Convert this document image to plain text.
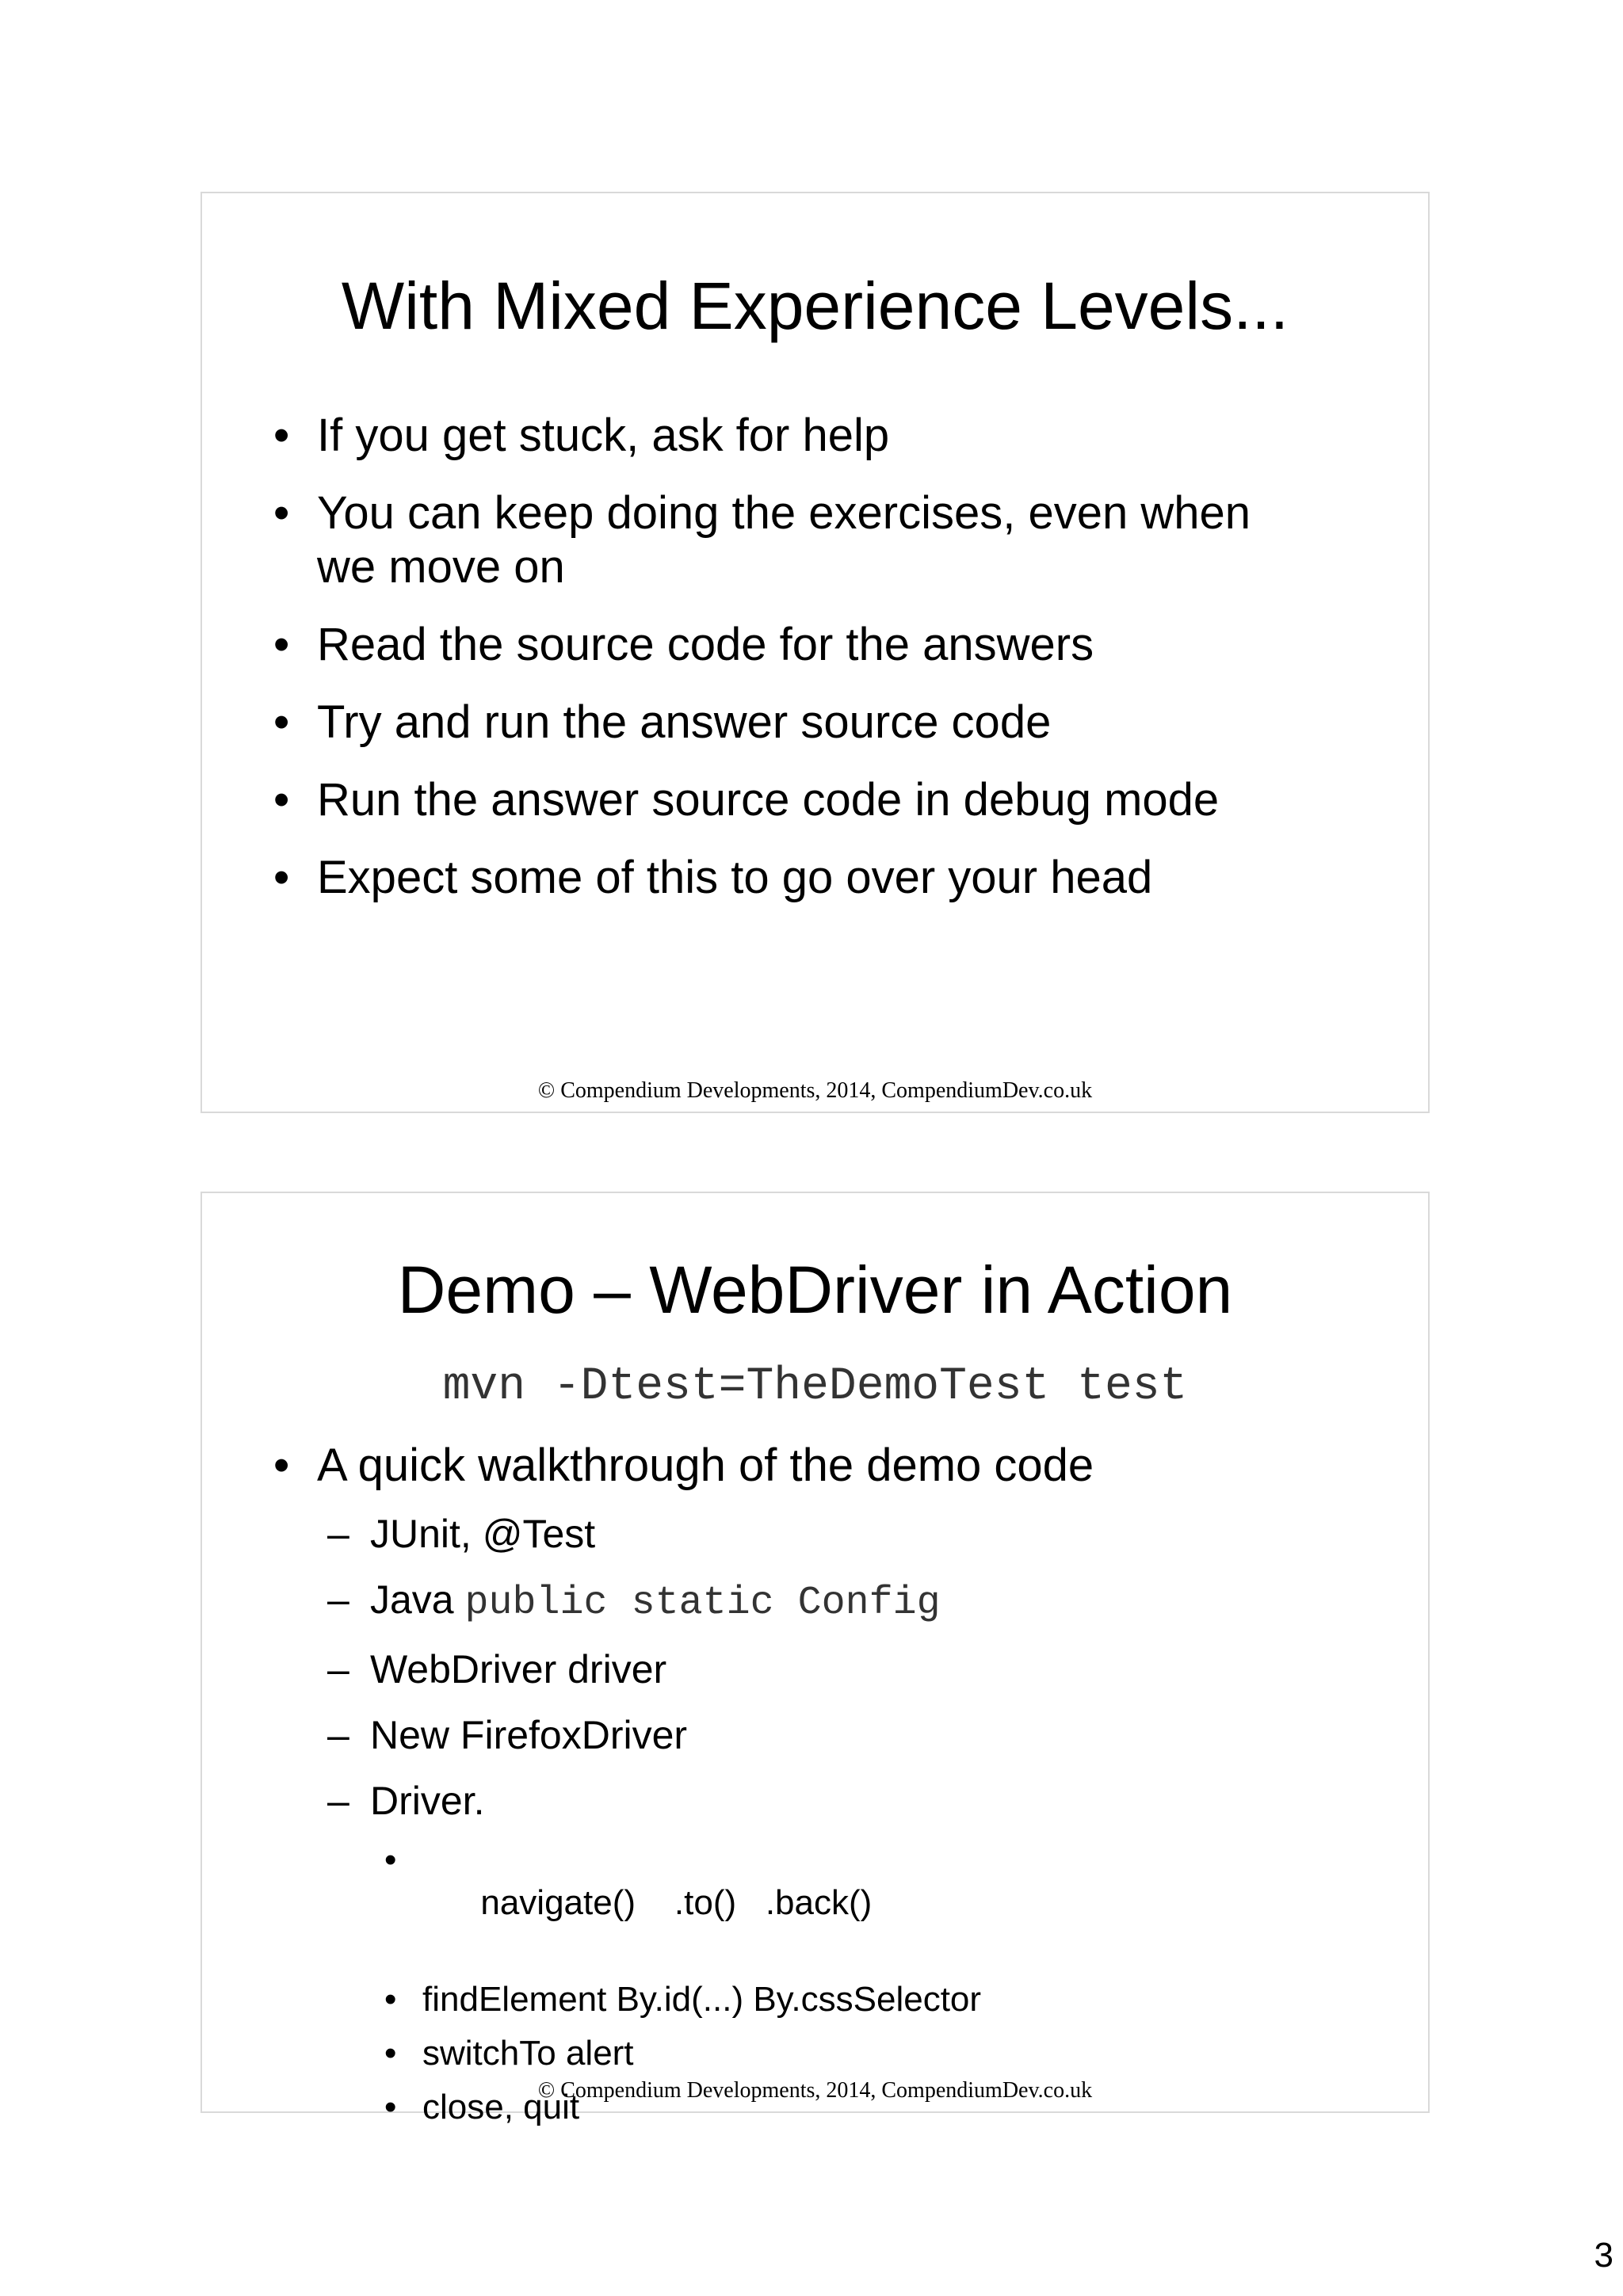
With Mixed Experience Levels...
• If you get stuck, ask for help
• You can keep doing the exercises, even when
we move on
• Read the source code for the answers
• Try and run the answer source code
• Run the answer source code in debug mode
• Expect some of this to go over your head
© Compendium Developments, 2014, CompendiumDev.co.uk
Demo – WebDriver in Action
mvn -Dtest=TheDemoTest test
• A quick walkthrough of the demo code
– JUnit, @Test
– Java public static Config
– WebDriver driver
– New FirefoxDriver
– Driver.

•
navigate()    .to()   .back()

• findElement By.id(...) By.cssSelector
• switchTo alert
• close, quit
© Compendium Developments, 2014, CompendiumDev.co.uk
3
